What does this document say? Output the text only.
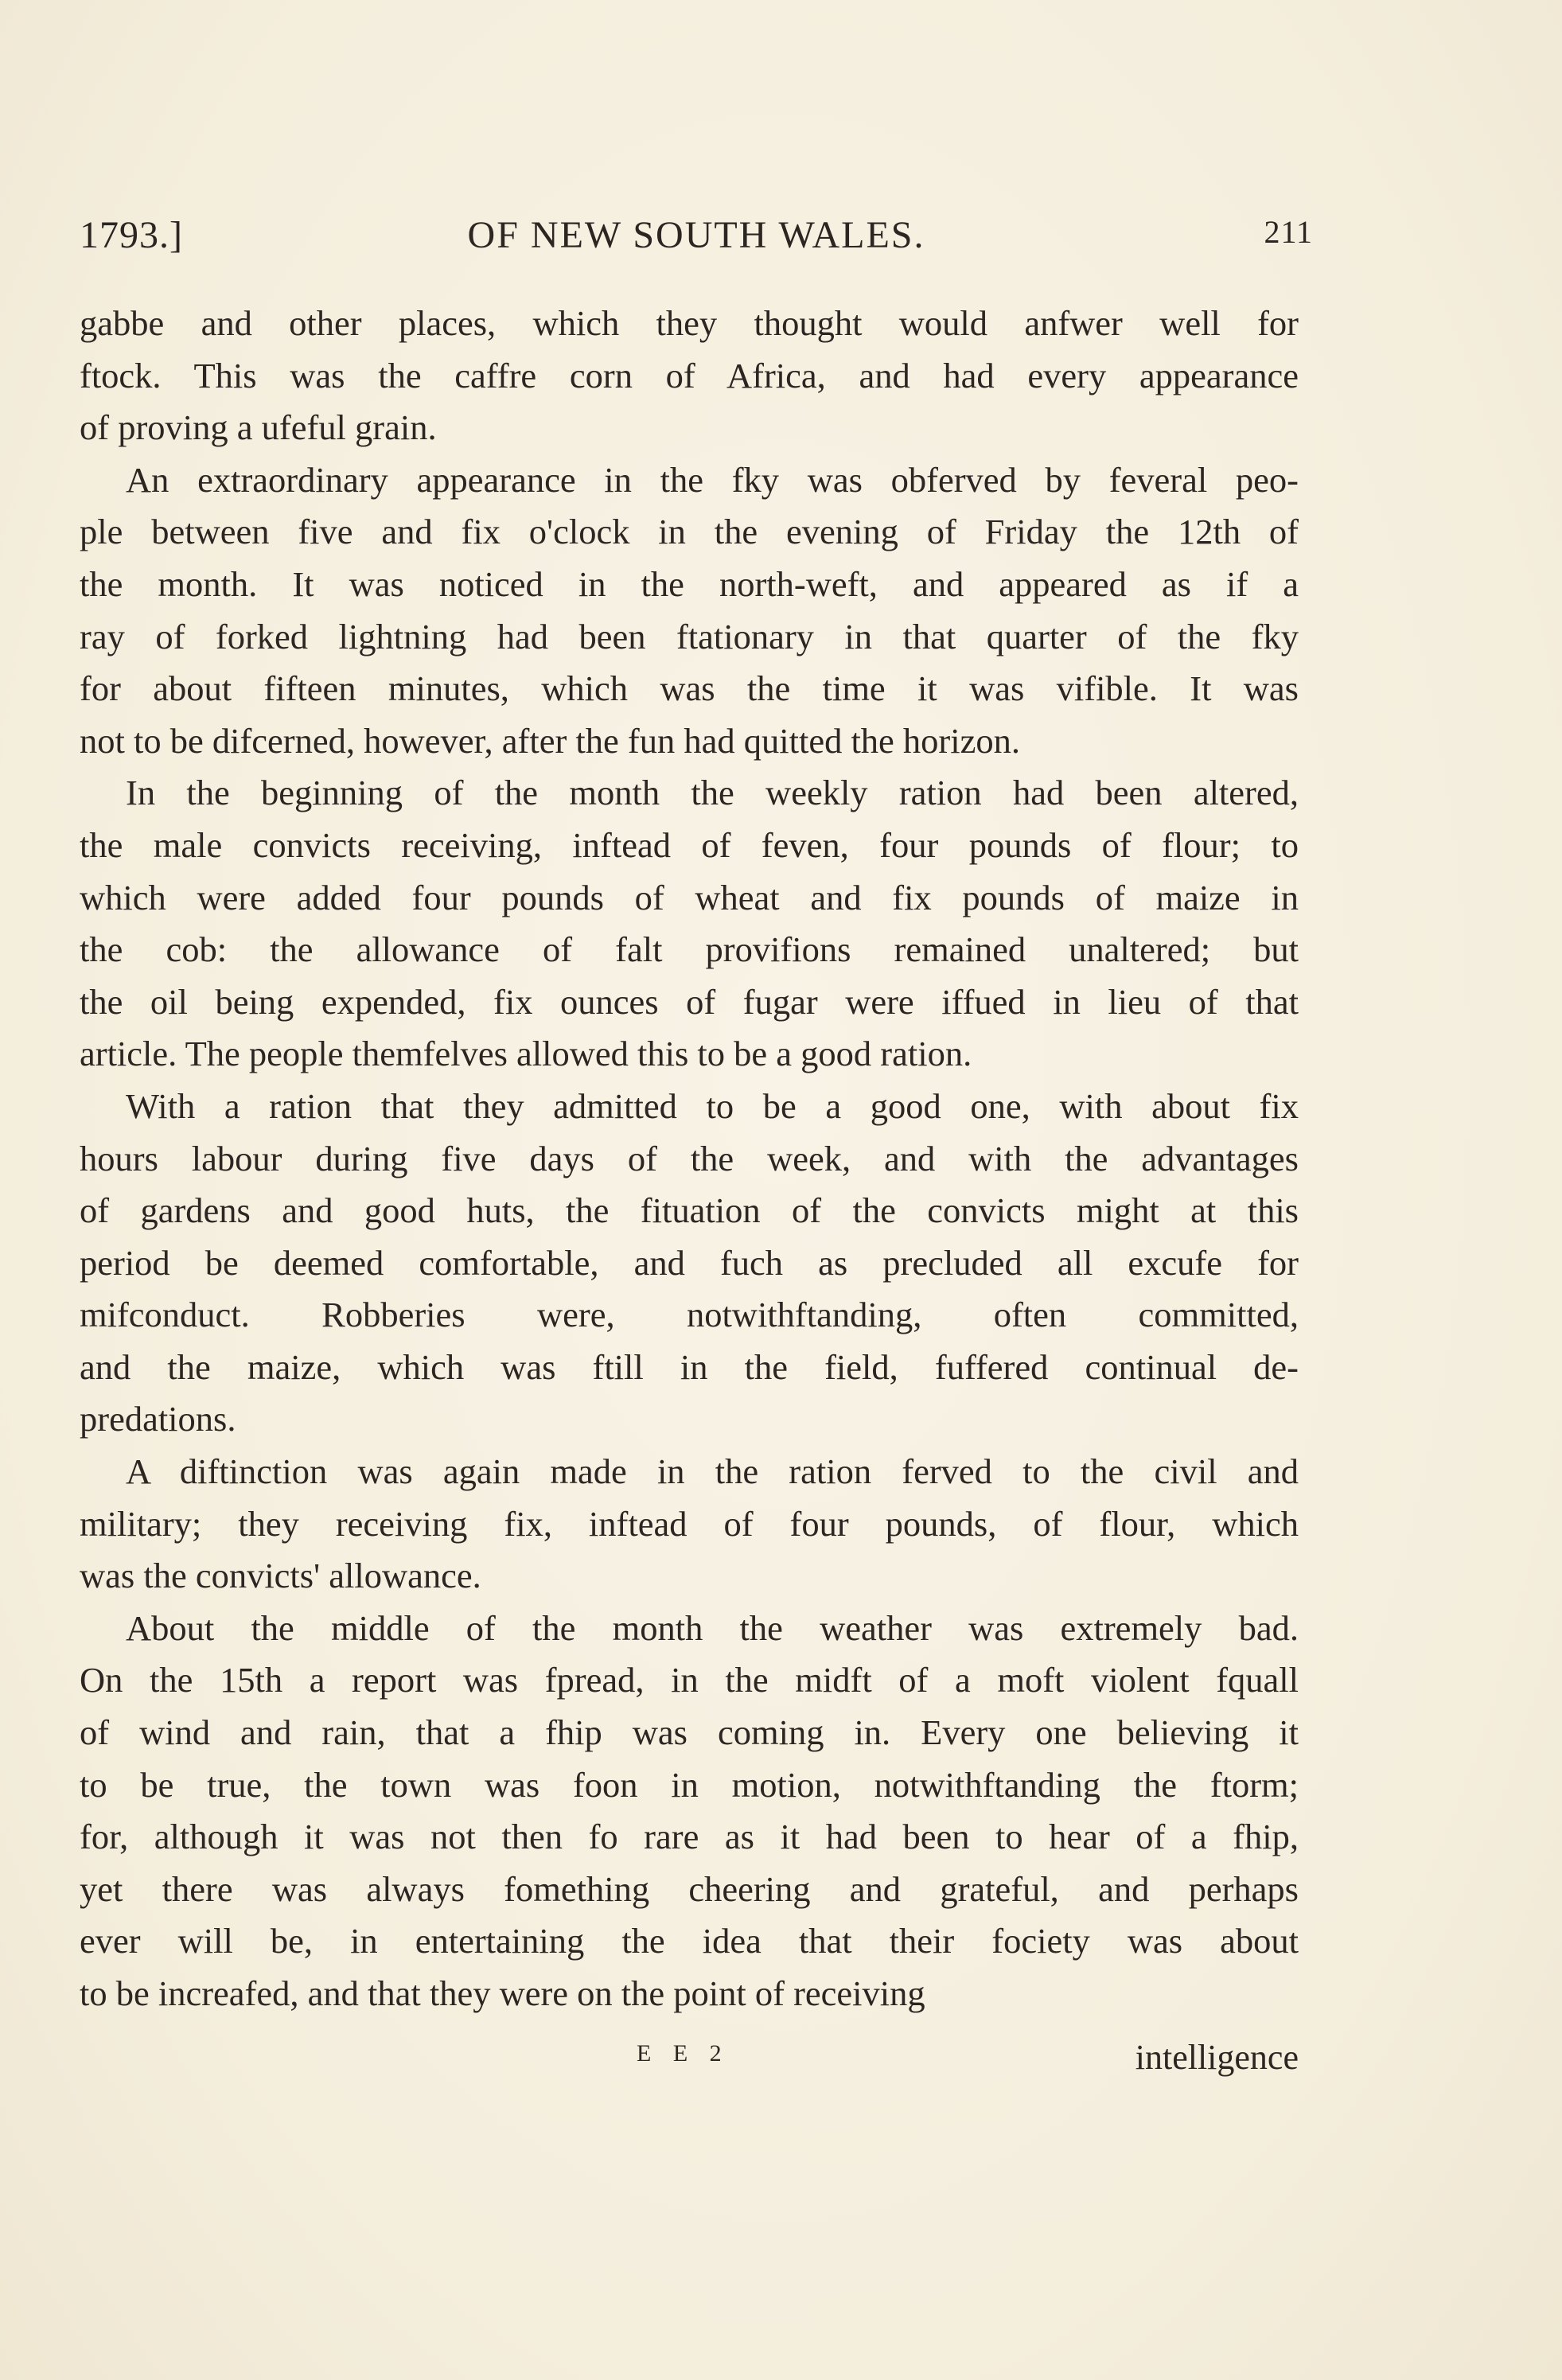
1793.]	OF NEW SOUTH WALES.	211

gabbe and other places, which they thought would anfwer well for

ftock. This was the caffre corn of Africa, and had every appearance

of proving a ufeful grain.

An extraordinary appearance in the fky was obferved by feveral peo-

ple between five and fix o'clock in the evening of Friday the 12th of

the month. It was noticed in the north-weft, and appeared as if a

ray of forked lightning had been ftationary in that quarter of the fky

for about fifteen minutes, which was the time it was vifible. It was

not to be difcerned, however, after the fun had quitted the horizon.

In the beginning of the month the weekly ration had been altered,

the male convicts receiving, inftead of feven, four pounds of flour; to

which were added four pounds of wheat and fix pounds of maize in

the cob: the allowance of falt provifions remained unaltered; but

the oil being expended, fix ounces of fugar were iffued in lieu of that

article. The people themfelves allowed this to be a good ration.

With a ration that they admitted to be a good one, with about fix

hours labour during five days of the week, and with the advantages

of gardens and good huts, the fituation of the convicts might at this

period be deemed comfortable, and fuch as precluded all excufe for

mifconduct. Robberies were, notwithftanding, often committed,

and the maize, which was ftill in the field, fuffered continual de-

predations.

A diftinction was again made in the ration ferved to the civil and

military; they receiving fix, inftead of four pounds, of flour, which

was the convicts' allowance.

About the middle of the month the weather was extremely bad.

On the 15th a report was fpread, in the midft of a moft violent fquall

of wind and rain, that a fhip was coming in. Every one believing it

to be true, the town was foon in motion, notwithftanding the ftorm;

for, although it was not then fo rare as it had been to hear of a fhip,

yet there was always fomething cheering and grateful, and perhaps

ever will be, in entertaining the idea that their fociety was about

to be increafed, and that they were on the point of receiving

E E 2	intelligence
